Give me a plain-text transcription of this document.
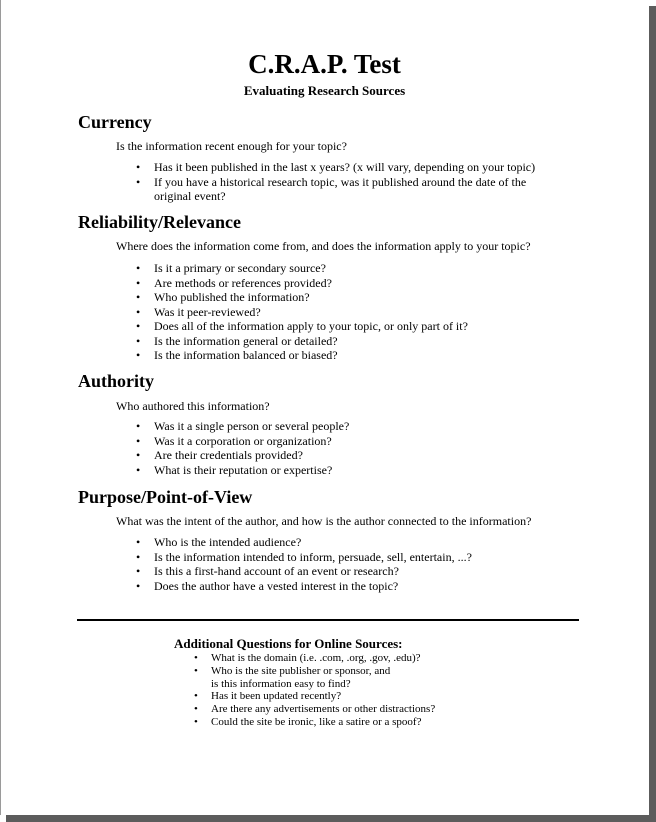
C.R.A.P. Test
Evaluating Research Sources
Currency
Is the information recent enough for your topic?
• Has it been published in the last x years? (x will vary, depending on your topic)
• If you have a historical research topic, was it published around the date of the
original event?
Reliability/Relevance
Where does the information come from, and does the information apply to your topic?
• Is it a primary or secondary source?
• Are methods or references provided?
• Who published the information?
• Was it peer-reviewed?
• Does all of the information apply to your topic, or only part of it?
• Is the information general or detailed?
• Is the information balanced or biased?
Authority
Who authored this information?
• Was it a single person or several people?
• Was it a corporation or organization?
• Are their credentials provided?
• What is their reputation or expertise?
Purpose/Point-of-View
What was the intent of the author, and how is the author connected to the information?
• Who is the intended audience?
• Is the information intended to inform, persuade, sell, entertain, ...?
• Is this a first-hand account of an event or research?
• Does the author have a vested interest in the topic?
Additional Questions for Online Sources:
• What is the domain (i.e. .com, .org, .gov, .edu)?
• Who is the site publisher or sponsor, and
is this information easy to find?
• Has it been updated recently?
• Are there any advertisements or other distractions?
• Could the site be ironic, like a satire or a spoof?
